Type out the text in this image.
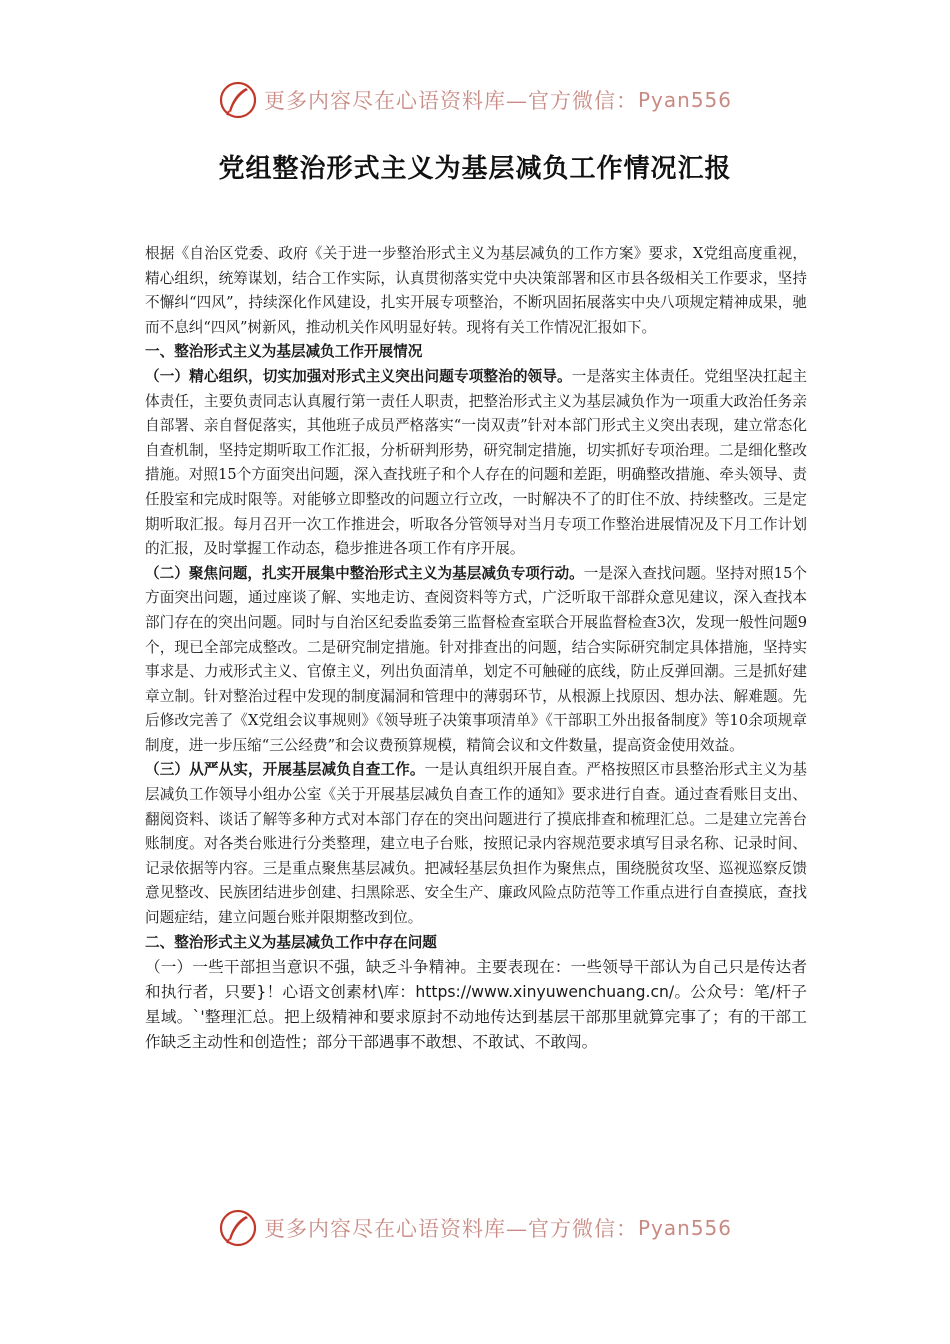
更多内容尽在心语资料库—官方微信： Pyan556
党组整治形式主义为基层减负工作情况汇报

根据《自治区党委、政府《关于进一步整治形式主义为基层减负的工作方案》要求，X党组高度重视，精心组织，统筹谋划，结合工作实际，认真贯彻落实党中央决策部署和区市县各级相关工作要求，坚持不懈纠“四风”，持续深化作风建设，扎实开展专项整治，不断巩固拓展落实中央八项规定精神成果，驰而不息纠“四风”树新风，推动机关作风明显好转。现将有关工作情况汇报如下。

一、整治形式主义为基层减负工作开展情况

（一）精心组织，切实加强对形式主义突出问题专项整治的领导。一是落实主体责任。党组坚决扛起主体责任，主要负责同志认真履行第一责任人职责，把整治形式主义为基层减负作为一项重大政治任务亲自部署、亲自督促落实，其他班子成员严格落实“一岗双责”针对本部门形式主义突出表现，建立常态化自查机制，坚持定期听取工作汇报，分析研判形势，研究制定措施，切实抓好专项治理。二是细化整改措施。对照15个方面突出问题，深入查找班子和个人存在的问题和差距，明确整改措施、牵头领导、责任股室和完成时限等。对能够立即整改的问题立行立改，一时解决不了的盯住不放、持续整改。三是定期听取汇报。每月召开一次工作推进会，听取各分管领导对当月专项工作整治进展情况及下月工作计划的汇报，及时掌握工作动态，稳步推进各项工作有序开展。

（二）聚焦问题，扎实开展集中整治形式主义为基层减负专项行动。一是深入查找问题。坚持对照15个方面突出问题，通过座谈了解、实地走访、查阅资料等方式，广泛听取干部群众意见建议，深入查找本部门存在的突出问题。同时与自治区纪委监委第三监督检查室联合开展监督检查3次，发现一般性问题9个，现已全部完成整改。二是研究制定措施。针对排查出的问题，结合实际研究制定具体措施，坚持实事求是、力戒形式主义、官僚主义，列出负面清单，划定不可触碰的底线，防止反弹回潮。三是抓好建章立制。针对整治过程中发现的制度漏洞和管理中的薄弱环节，从根源上找原因、想办法、解难题。先后修改完善了《X党组会议事规则》《领导班子决策事项清单》《干部职工外出报备制度》等10余项规章制度，进一步压缩“三公经费”和会议费预算规模，精简会议和文件数量，提高资金使用效益。

（三）从严从实，开展基层减负自查工作。一是认真组织开展自查。严格按照区市县整治形式主义为基层减负工作领导小组办公室《关于开展基层减负自查工作的通知》要求进行自查。通过查看账目支出、翻阅资料、谈话了解等多种方式对本部门存在的突出问题进行了摸底排查和梳理汇总。二是建立完善台账制度。对各类台账进行分类整理，建立电子台账，按照记录内容规范要求填写目录名称、记录时间、记录依据等内容。三是重点聚焦基层减负。把减轻基层负担作为聚焦点，围绕脱贫攻坚、巡视巡察反馈意见整改、民族团结进步创建、扫黑除恶、安全生产、廉政风险点防范等工作重点进行自查摸底，查找问题症结，建立问题台账并限期整改到位。

二、整治形式主义为基层减负工作中存在问题

（一）一些干部担当意识不强，缺乏斗争精神。主要表现在：一些领导干部认为自己只是传达者和执行者，只要}！心语文创素材\库：https://www.xinyuwenchuang.cn/。公众号：笔/杆子星域。`'整理汇总。把上级精神和要求原封不动地传达到基层干部那里就算完事了；有的干部工作缺乏主动性和创造性；部分干部遇事不敢想、不敢试、不敢闯。

更多内容尽在心语资料库—官方微信： Pyan556
